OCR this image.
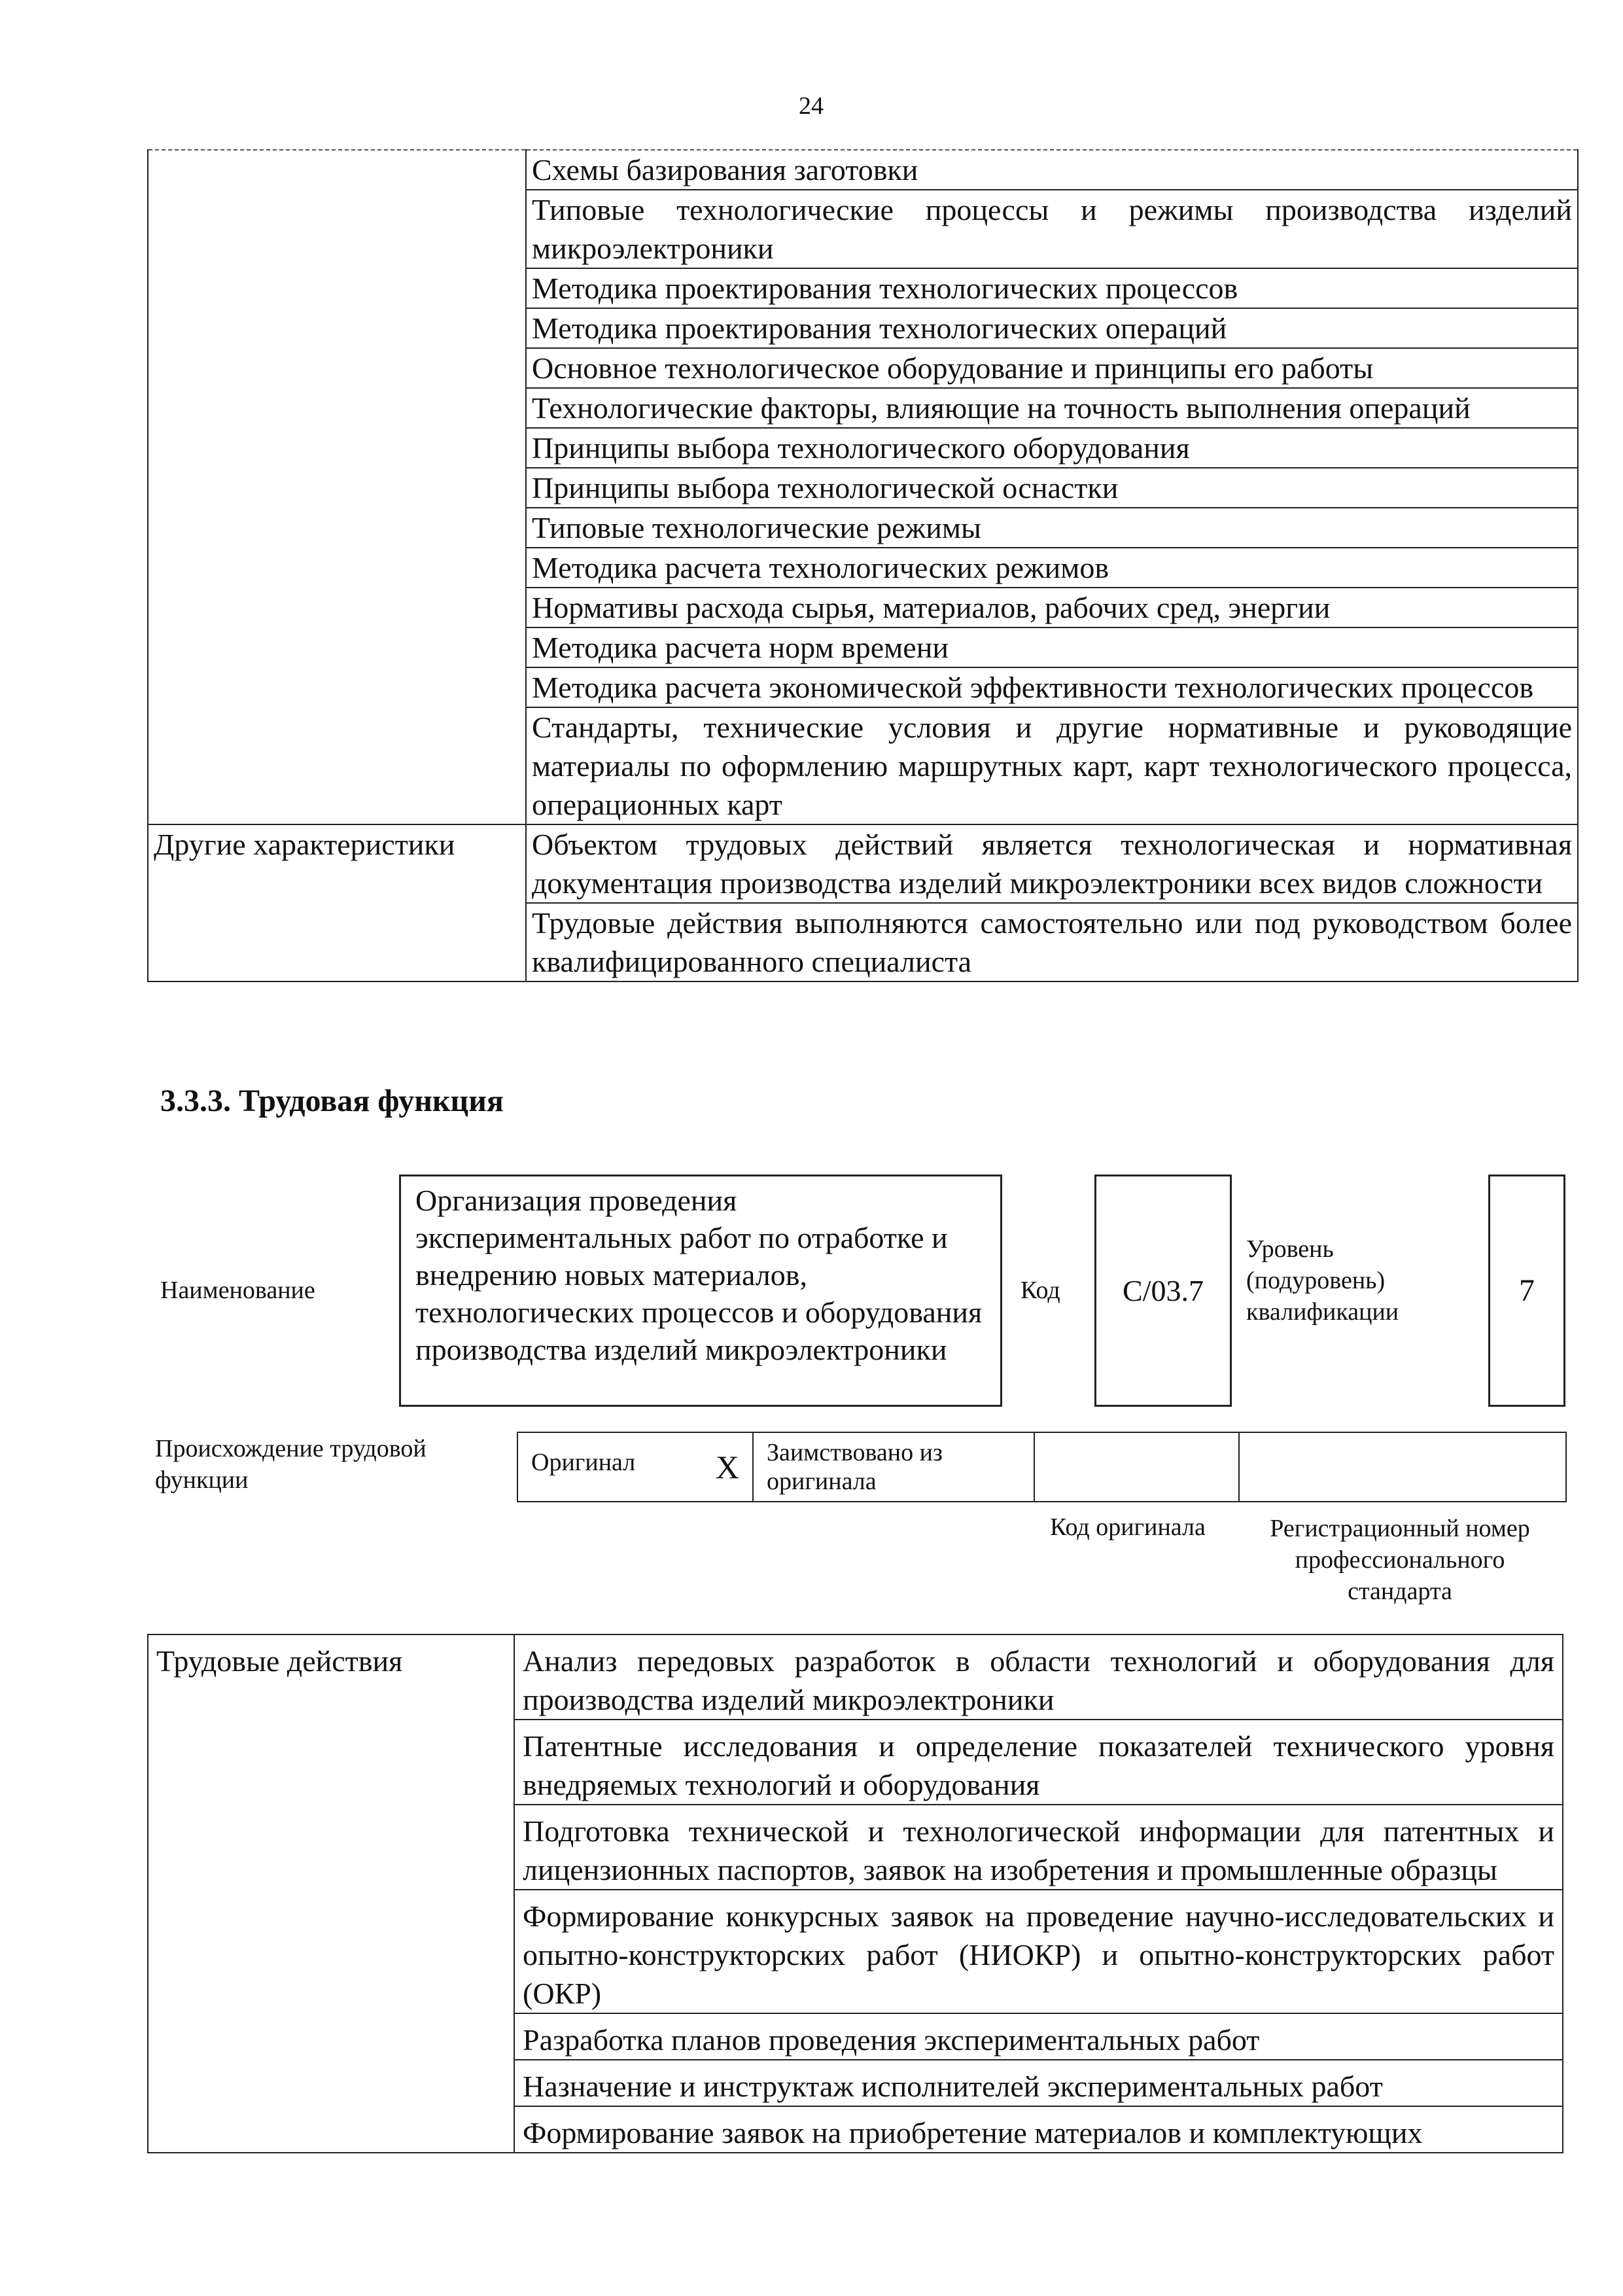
24
	Схемы базирования заготовки
	Типовые технологические процессы и режимы производства изделий микроэлектроники
	Методика проектирования технологических процессов
	Методика проектирования технологических операций
	Основное технологическое оборудование и принципы его работы
	Технологические факторы, влияющие на точность выполнения операций
	Принципы выбора технологического оборудования
	Принципы выбора технологической оснастки
	Типовые технологические режимы
	Методика расчета технологических режимов
	Нормативы расхода сырья, материалов, рабочих сред, энергии
	Методика расчета норм времени
	Методика расчета экономической эффективности технологических процессов
	Стандарты, технические условия и другие нормативные и руководящие материалы по оформлению маршрутных карт, карт технологического процесса, операционных карт
Другие характеристики	Объектом трудовых действий является технологическая и нормативная документация производства изделий микроэлектроники всех видов сложности
	Трудовые действия выполняются самостоятельно или под руководством более квалифицированного специалиста
3.3.3. Трудовая функция
Наименование
Организация проведения экспериментальных работ по отработке и внедрению новых материалов, технологических процессов и оборудования производства изделий микроэлектроники
Код	С/03.7
Уровень
(подуровень)
квалификации
7
Происхождение трудовой
функции
Оригинал X	Заимствовано из оригинала		
Код оригинала	Регистрационный номер профессионального стандарта
Трудовые действия	Анализ передовых разработок в области технологий и оборудования для производства изделий микроэлектроники
Патентные исследования и определение показателей технического уровня внедряемых технологий и оборудования
Подготовка технической и технологической информации для патентных и лицензионных паспортов, заявок на изобретения и промышленные образцы
Формирование конкурсных заявок на проведение научно-исследовательских и опытно-конструкторских работ (НИОКР) и опытно-конструкторских работ (ОКР)
Разработка планов проведения экспериментальных работ
Назначение и инструктаж исполнителей экспериментальных работ
Формирование заявок на приобретение материалов и комплектующих
